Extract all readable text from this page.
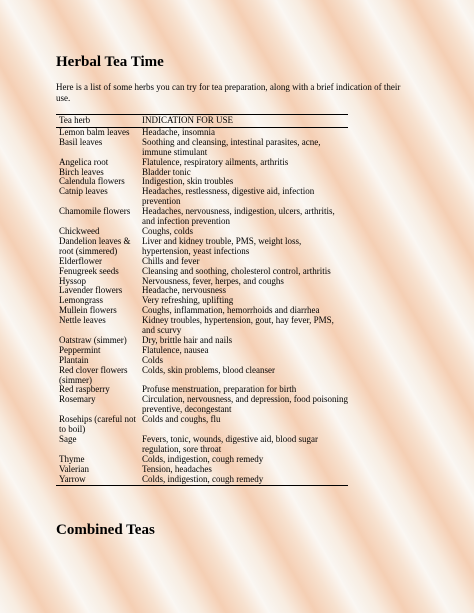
Herbal Tea Time

Here is a list of some herbs you can try for tea preparation, along with a brief indication of their use.

Tea herb	INDICATION FOR USE
Lemon balm leaves	Headache, insomnia
Basil leaves	Soothing and cleansing, intestinal parasites, acne, immune stimulant
Angelica root	Flatulence, respiratory ailments, arthritis
Birch leaves	Bladder tonic
Calendula flowers	Indigestion, skin troubles
Catnip leaves	Headaches, restlessness, digestive aid, infection prevention
Chamomile flowers	Headaches, nervousness, indigestion, ulcers, arthritis, and infection prevention
Chickweed	Coughs, colds
Dandelion leaves & root (simmered)	Liver and kidney trouble, PMS, weight loss, hypertension, yeast infections
Elderflower	Chills and fever
Fenugreek seeds	Cleansing and soothing, cholesterol control, arthritis
Hyssop	Nervousness, fever, herpes, and coughs
Lavender flowers	Headache, nervousness
Lemongrass	Very refreshing, uplifting
Mullein flowers	Coughs, inflammation, hemorrhoids and diarrhea
Nettle leaves	Kidney troubles, hypertension, gout, hay fever, PMS, and scurvy
Oatstraw (simmer)	Dry, brittle hair and nails
Peppermint	Flatulence, nausea
Plantain	Colds
Red clover flowers (simmer)	Colds, skin problems, blood cleanser
Red raspberry	Profuse menstruation, preparation for birth
Rosemary	Circulation, nervousness, and depression, food poisoning preventive, decongestant
Rosehips (careful not to boil)	Colds and coughs, flu
Sage	Fevers, tonic, wounds, digestive aid, blood sugar regulation, sore throat
Thyme	Colds, indigestion, cough remedy
Valerian	Tension, headaches
Yarrow	Colds, indigestion, cough remedy
Combined Teas
